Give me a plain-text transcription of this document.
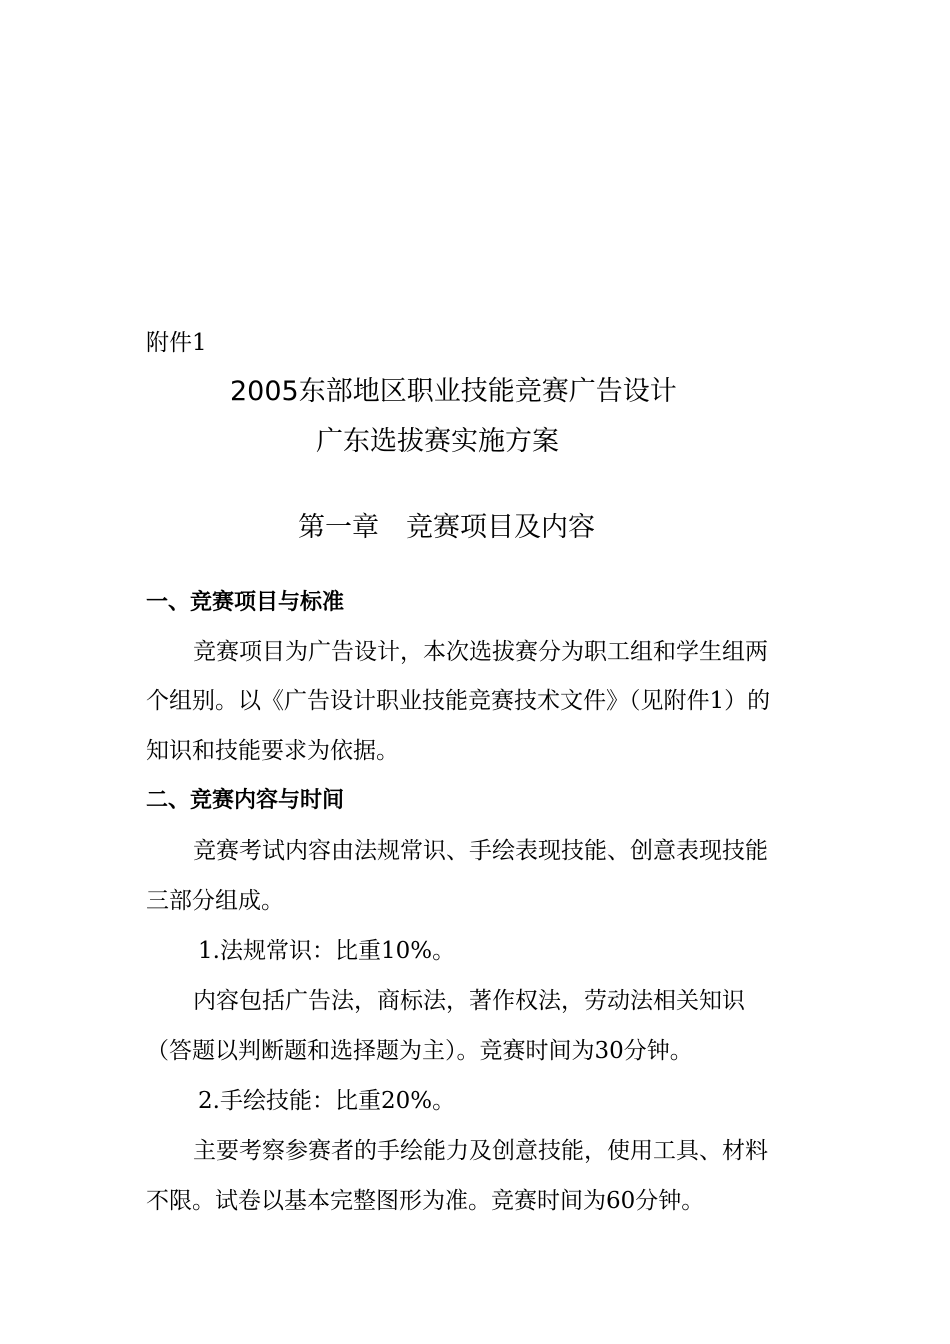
附件1
2005东部地区职业技能竞赛广告设计
广东选拔赛实施方案
第一章　竞赛项目及内容
一、竞赛项目与标准
竞赛项目为广告设计，本次选拔赛分为职工组和学生组两
个组别。以《广告设计职业技能竞赛技术文件》（见附件1）的
知识和技能要求为依据。
二、竞赛内容与时间
竞赛考试内容由法规常识、手绘表现技能、创意表现技能
三部分组成。
1.法规常识：比重10%。
内容包括广告法，商标法，著作权法，劳动法相关知识
（答题以判断题和选择题为主）。竞赛时间为30分钟。
2.手绘技能：比重20%。
主要考察参赛者的手绘能力及创意技能，使用工具、材料
不限。试卷以基本完整图形为准。竞赛时间为60分钟。
